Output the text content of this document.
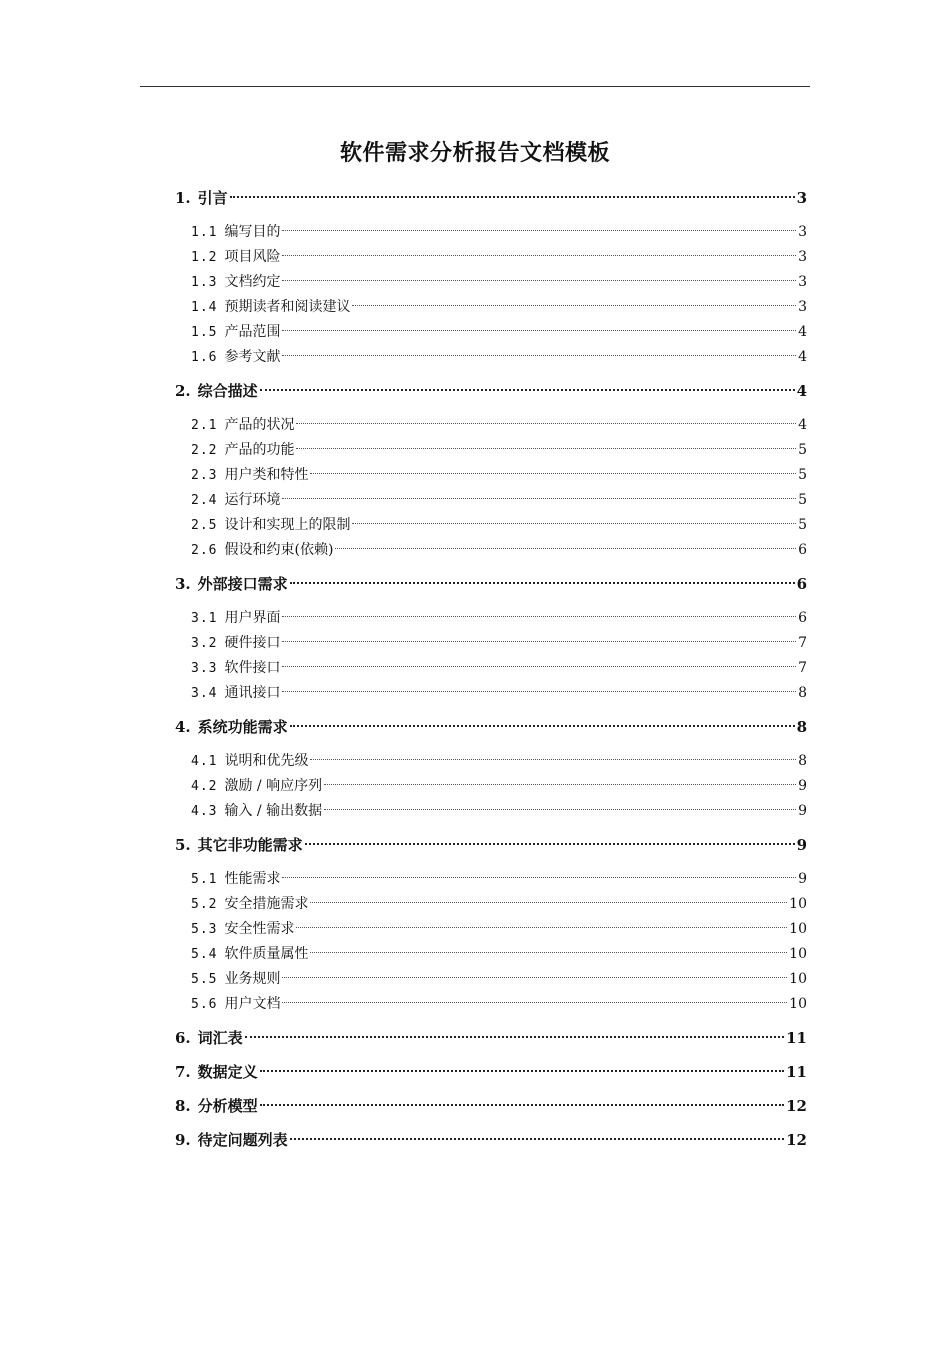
软件需求分析报告文档模板
1. 引言	3
1.1 编写目的	3
1.2 项目风险	3
1.3 文档约定	3
1.4 预期读者和阅读建议	3
1.5 产品范围	4
1.6 参考文献	4
2. 综合描述	4
2.1 产品的状况	4
2.2 产品的功能	5
2.3 用户类和特性	5
2.4 运行环境	5
2.5 设计和实现上的限制	5
2.6 假设和约束(依赖)	6
3. 外部接口需求	6
3.1 用户界面	6
3.2 硬件接口	7
3.3 软件接口	7
3.4 通讯接口	8
4. 系统功能需求	8
4.1 说明和优先级	8
4.2 激励 / 响应序列	9
4.3 输入 / 输出数据	9
5. 其它非功能需求	9
5.1 性能需求	9
5.2 安全措施需求	10
5.3 安全性需求	10
5.4 软件质量属性	10
5.5 业务规则	10
5.6 用户文档	10
6. 词汇表	11
7. 数据定义	11
8. 分析模型	12
9. 待定问题列表	12
